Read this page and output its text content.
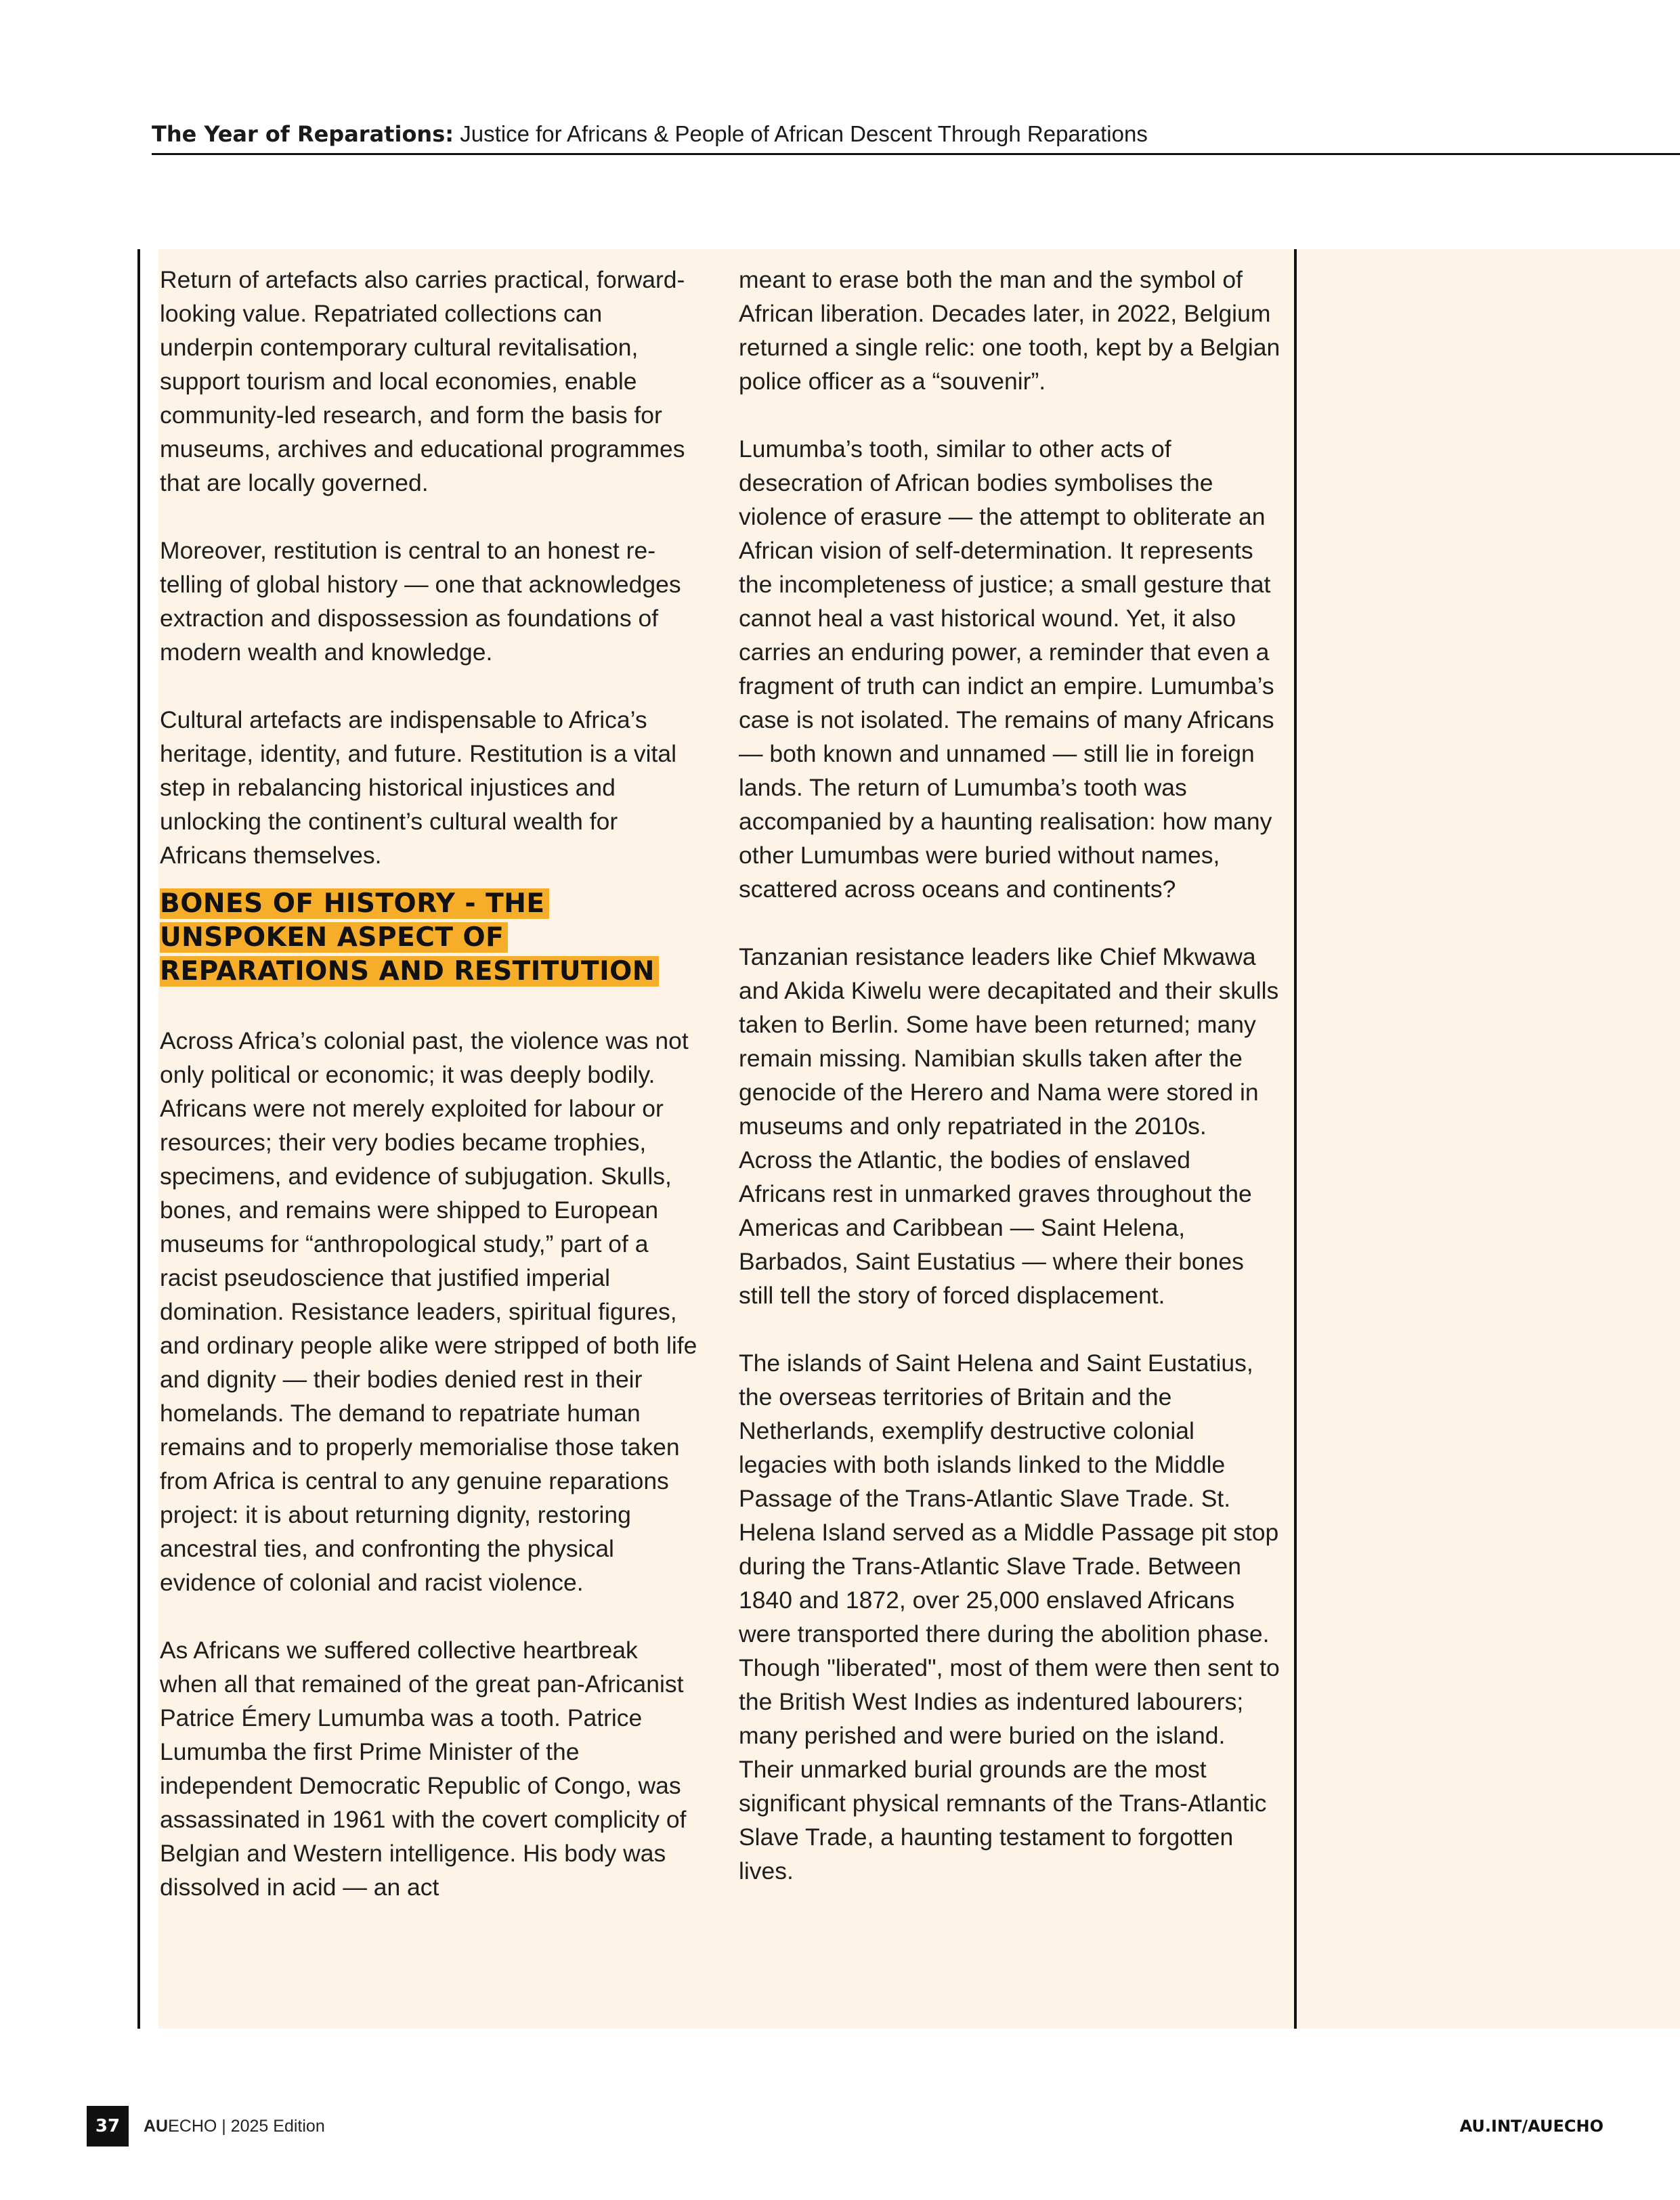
The Year of Reparations: Justice for Africans & People of African Descent Through Reparations

Return of artefacts also carries practical, forward-looking value. Repatriated collections can underpin contemporary cultural revitalisation, support tourism and local economies, enable community-led research, and form the basis for museums, archives and educational programmes that are locally governed.

Moreover, restitution is central to an honest re-telling of global history — one that acknowledges extraction and dispossession as foundations of modern wealth and knowledge.

Cultural artefacts are indispensable to Africa’s heritage, identity, and future. Restitution is a vital step in rebalancing historical injustices and unlocking the continent’s cultural wealth for Africans themselves.

BONES OF HISTORY - THE UNSPOKEN ASPECT OF REPARATIONS AND RESTITUTION

Across Africa’s colonial past, the violence was not only political or economic; it was deeply bodily. Africans were not merely exploited for labour or resources; their very bodies became trophies, specimens, and evidence of subjugation. Skulls, bones, and remains were shipped to European museums for “anthropological study,” part of a racist pseudoscience that justified imperial domination. Resistance leaders, spiritual figures, and ordinary people alike were stripped of both life and dignity — their bodies denied rest in their homelands. The demand to repatriate human remains and to properly memorialise those taken from Africa is central to any genuine reparations project: it is about returning dignity, restoring ancestral ties, and confronting the physical evidence of colonial and racist violence.

As Africans we suffered collective heartbreak when all that remained of the great pan-Africanist Patrice Émery Lumumba was a tooth. Patrice Lumumba the first Prime Minister of the independent Democratic Republic of Congo, was assassinated in 1961 with the covert complicity of Belgian and Western intelligence. His body was dissolved in acid — an act

meant to erase both the man and the symbol of African liberation. Decades later, in 2022, Belgium returned a single relic: one tooth, kept by a Belgian police officer as a “souvenir”.

Lumumba’s tooth, similar to other acts of desecration of African bodies symbolises the violence of erasure — the attempt to obliterate an African vision of self-determination. It represents the incompleteness of justice; a small gesture that cannot heal a vast historical wound. Yet, it also carries an enduring power, a reminder that even a fragment of truth can indict an empire. Lumumba’s case is not isolated. The remains of many Africans — both known and unnamed — still lie in foreign lands. The return of Lumumba’s tooth was accompanied by a haunting realisation: how many other Lumumbas were buried without names, scattered across oceans and continents?

Tanzanian resistance leaders like Chief Mkwawa and Akida Kiwelu were decapitated and their skulls taken to Berlin. Some have been returned; many remain missing. Namibian skulls taken after the genocide of the Herero and Nama were stored in museums and only repatriated in the 2010s. Across the Atlantic, the bodies of enslaved Africans rest in unmarked graves throughout the Americas and Caribbean — Saint Helena, Barbados, Saint Eustatius — where their bones still tell the story of forced displacement.

The islands of Saint Helena and Saint Eustatius, the overseas territories of Britain and the Netherlands, exemplify destructive colonial legacies with both islands linked to the Middle Passage of the Trans-Atlantic Slave Trade. St. Helena Island served as a Middle Passage pit stop during the Trans-Atlantic Slave Trade. Between 1840 and 1872, over 25,000 enslaved Africans were transported there during the abolition phase. Though "liberated", most of them were then sent to the British West Indies as indentured labourers; many perished and were buried on the island. Their unmarked burial grounds are the most significant physical remnants of the Trans-Atlantic Slave Trade, a haunting testament to forgotten lives.

37	AUECHO | 2025 Edition	AU.INT/AUECHO
